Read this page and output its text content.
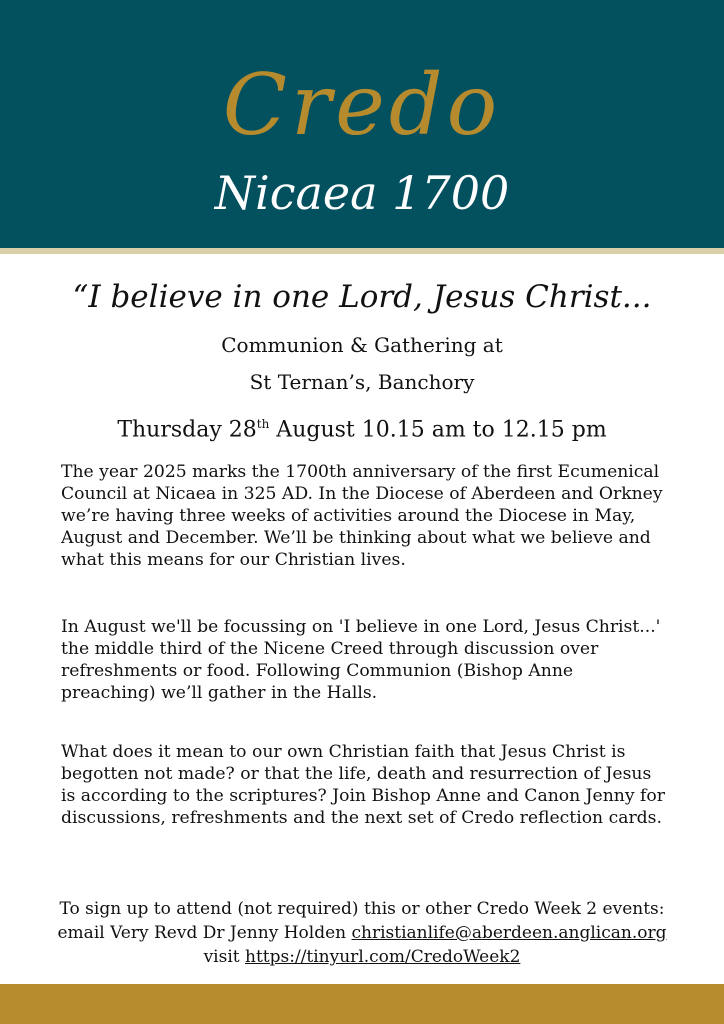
Credo
Nicaea 1700
“I believe in one Lord, Jesus Christ...
Communion & Gathering at
St Ternan’s, Banchory
Thursday 28th August 10.15 am to 12.15 pm

The year 2025 marks the 1700th anniversary of the first Ecumenical Council at Nicaea in 325 AD. In the Diocese of Aberdeen and Orkney we’re having three weeks of activities around the Diocese in May, August and December. We’ll be thinking about what we believe and what this means for our Christian lives.

In August we'll be focussing on 'I believe in one Lord, Jesus Christ...' the middle third of the Nicene Creed through discussion over refreshments or food. Following Communion (Bishop Anne preaching) we’ll gather in the Halls.

What does it mean to our own Christian faith that Jesus Christ is begotten not made? or that the life, death and resurrection of Jesus is according to the scriptures? Join Bishop Anne and Canon Jenny for discussions, refreshments and the next set of Credo reflection cards.

To sign up to attend (not required) this or other Credo Week 2 events:
email Very Revd Dr Jenny Holden christianlife@aberdeen.anglican.org
visit https://tinyurl.com/CredoWeek2
